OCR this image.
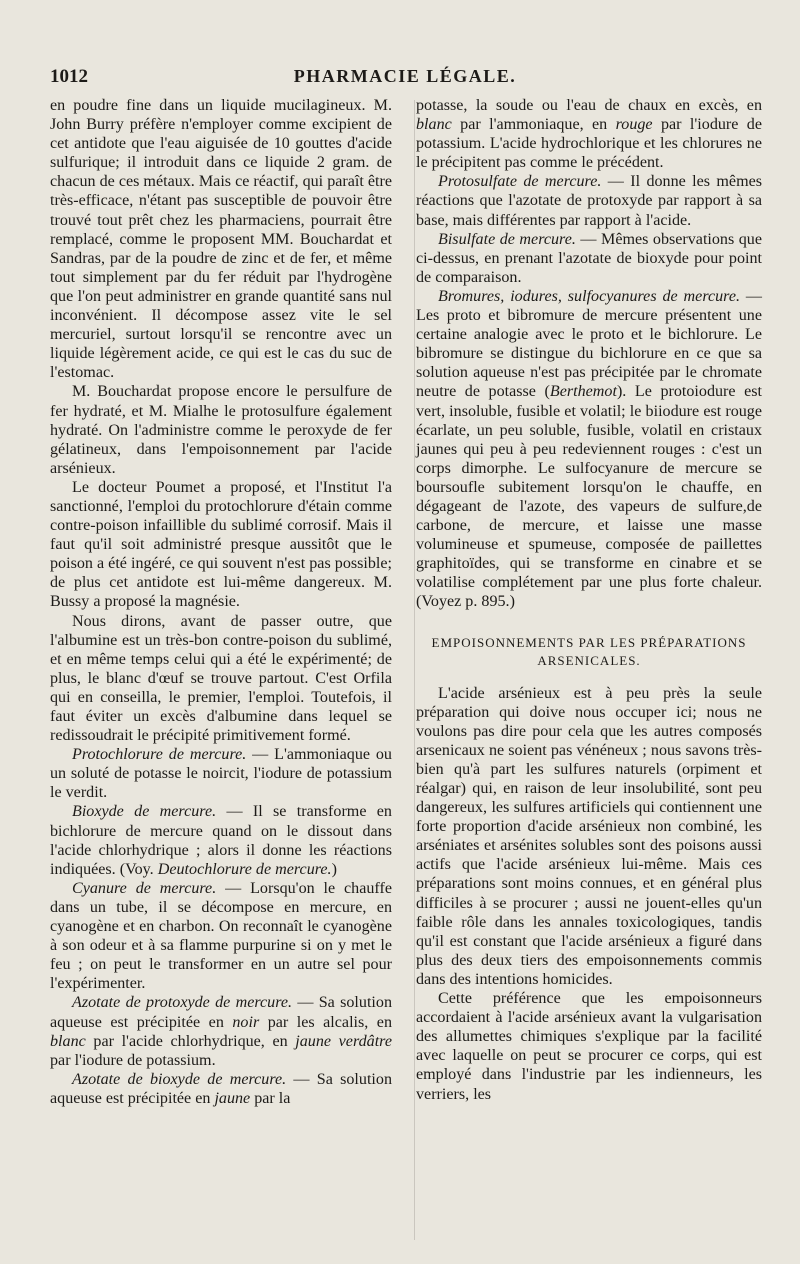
1012	PHARMACIE LÉGALE.

en poudre fine dans un liquide mucilagineux. M. John Burry préfère n'employer comme excipient de cet antidote que l'eau aiguisée de 10 gouttes d'acide sulfurique; il introduit dans ce liquide 2 gram. de chacun de ces métaux. Mais ce réactif, qui paraît être très-efficace, n'étant pas susceptible de pouvoir être trouvé tout prêt chez les pharmaciens, pourrait être remplacé, comme le proposent MM. Bouchardat et Sandras, par de la poudre de zinc et de fer, et même tout simplement par du fer réduit par l'hydrogène que l'on peut administrer en grande quantité sans nul inconvénient. Il décompose assez vite le sel mercuriel, surtout lorsqu'il se rencontre avec un liquide légèrement acide, ce qui est le cas du suc de l'estomac.

M. Bouchardat propose encore le persulfure de fer hydraté, et M. Mialhe le protosulfure également hydraté. On l'administre comme le peroxyde de fer gélatineux, dans l'empoisonnement par l'acide arsénieux.

Le docteur Poumet a proposé, et l'Institut l'a sanctionné, l'emploi du protochlorure d'étain comme contre-poison infaillible du sublimé corrosif. Mais il faut qu'il soit administré presque aussitôt que le poison a été ingéré, ce qui souvent n'est pas possible; de plus cet antidote est lui-même dangereux. M. Bussy a proposé la magnésie.

Nous dirons, avant de passer outre, que l'albumine est un très-bon contre-poison du sublimé, et en même temps celui qui a été le expérimenté; de plus, le blanc d'œuf se trouve partout. C'est Orfila qui en conseilla, le premier, l'emploi. Toutefois, il faut éviter un excès d'albumine dans lequel se redissoudrait le précipité primitivement formé.

Protochlorure de mercure. — L'ammoniaque ou un soluté de potasse le noircit, l'iodure de potassium le verdit.

Bioxyde de mercure. — Il se transforme en bichlorure de mercure quand on le dissout dans l'acide chlorhydrique ; alors il donne les réactions indiquées. (Voy. Deutochlorure de mercure.)

Cyanure de mercure. — Lorsqu'on le chauffe dans un tube, il se décompose en mercure, en cyanogène et en charbon. On reconnaît le cyanogène à son odeur et à sa flamme purpurine si on y met le feu ; on peut le transformer en un autre sel pour l'expérimenter.

Azotate de protoxyde de mercure. — Sa solution aqueuse est précipitée en noir par les alcalis, en blanc par l'acide chlorhydrique, en jaune verdâtre par l'iodure de potassium.

Azotate de bioxyde de mercure. — Sa solution aqueuse est précipitée en jaune par la

potasse, la soude ou l'eau de chaux en excès, en blanc par l'ammoniaque, en rouge par l'iodure de potassium. L'acide hydrochlorique et les chlorures ne le précipitent pas comme le précédent.

Protosulfate de mercure. — Il donne les mêmes réactions que l'azotate de protoxyde par rapport à sa base, mais différentes par rapport à l'acide.

Bisulfate de mercure. — Mêmes observations que ci-dessus, en prenant l'azotate de bioxyde pour point de comparaison.

Bromures, iodures, sulfocyanures de mercure. — Les proto et bibromure de mercure présentent une certaine analogie avec le proto et le bichlorure. Le bibromure se distingue du bichlorure en ce que sa solution aqueuse n'est pas précipitée par le chromate neutre de potasse (Berthemot). Le protoiodure est vert, insoluble, fusible et volatil; le biiodure est rouge écarlate, un peu soluble, fusible, volatil en cristaux jaunes qui peu à peu redeviennent rouges : c'est un corps dimorphe. Le sulfocyanure de mercure se boursoufle subitement lorsqu'on le chauffe, en dégageant de l'azote, des vapeurs de sulfure,de carbone, de mercure, et laisse une masse volumineuse et spumeuse, composée de paillettes graphitoïdes, qui se transforme en cinabre et se volatilise complétement par une plus forte chaleur. (Voyez p. 895.)

EMPOISONNEMENTS PAR LES PRÉPARATIONS ARSENICALES.

L'acide arsénieux est à peu près la seule préparation qui doive nous occuper ici; nous ne voulons pas dire pour cela que les autres composés arsenicaux ne soient pas vénéneux ; nous savons très-bien qu'à part les sulfures naturels (orpiment et réalgar) qui, en raison de leur insolubilité, sont peu dangereux, les sulfures artificiels qui contiennent une forte proportion d'acide arsénieux non combiné, les arséniates et arsénites solubles sont des poisons aussi actifs que l'acide arsénieux lui-même. Mais ces préparations sont moins connues, et en général plus difficiles à se procurer ; aussi ne jouent-elles qu'un faible rôle dans les annales toxicologiques, tandis qu'il est constant que l'acide arsénieux a figuré dans plus des deux tiers des empoisonnements commis dans des intentions homicides.

Cette préférence que les empoisonneurs accordaient à l'acide arsénieux avant la vulgarisation des allumettes chimiques s'explique par la facilité avec laquelle on peut se procurer ce corps, qui est employé dans l'industrie par les indienneurs, les verriers, les
